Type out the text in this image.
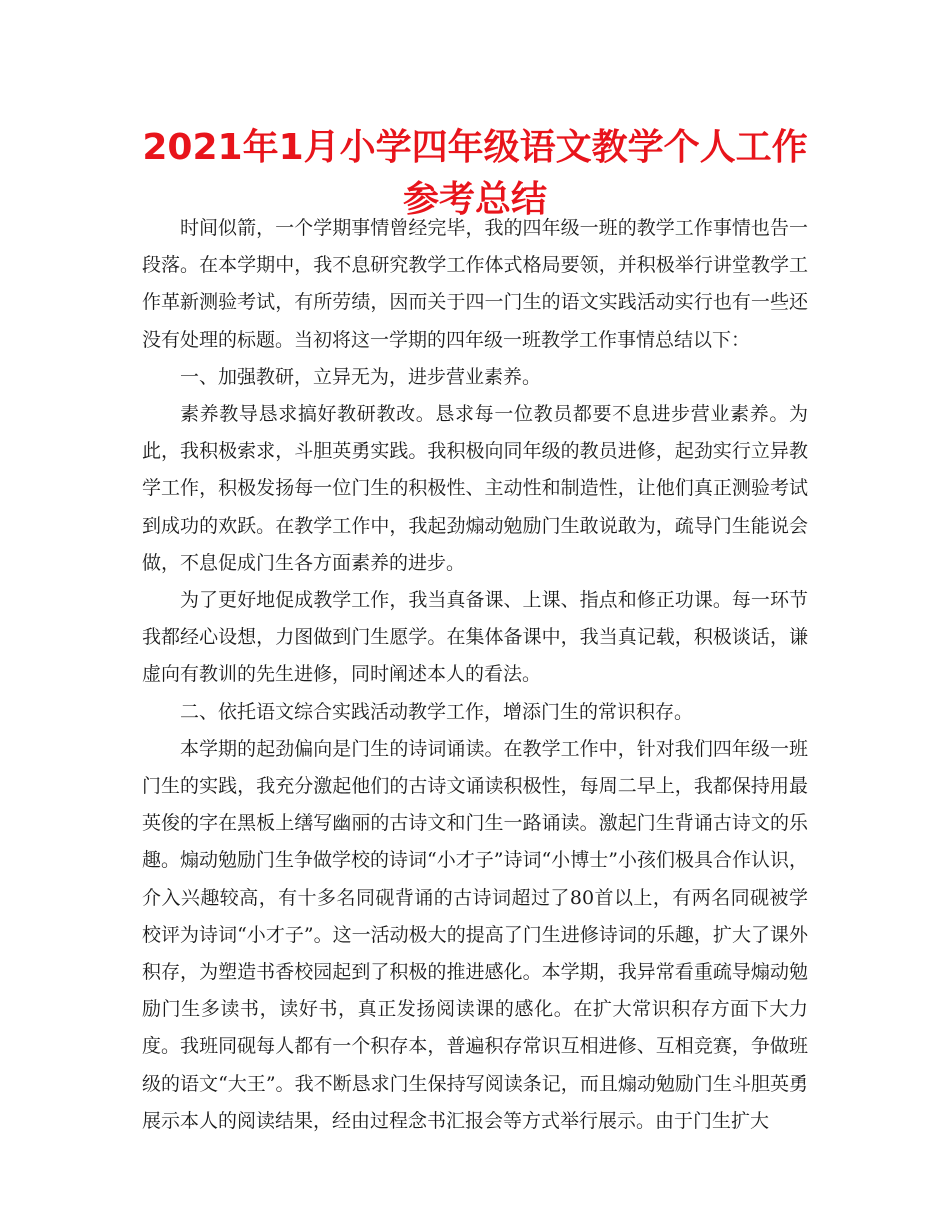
2021年1月小学四年级语文教学个人工作参考总结

时间似箭，一个学期事情曾经完毕，我的四年级一班的教学工作事情也告一段落。在本学期中，我不息研究教学工作体式格局要领，并积极举行讲堂教学工作革新测验考试，有所劳绩，因而关于四一门生的语文实践活动实行也有一些还没有处理的标题。当初将这一学期的四年级一班教学工作事情总结以下：

一、加强教研，立异无为，进步营业素养。

素养教导恳求搞好教研教改。恳求每一位教员都要不息进步营业素养。为此，我积极索求，斗胆英勇实践。我积极向同年级的教员进修，起劲实行立异教学工作，积极发扬每一位门生的积极性、主动性和制造性，让他们真正测验考试到成功的欢跃。在教学工作中，我起劲煽动勉励门生敢说敢为，疏导门生能说会做，不息促成门生各方面素养的进步。

为了更好地促成教学工作，我当真备课、上课、指点和修正功课。每一环节我都经心设想，力图做到门生愿学。在集体备课中，我当真记载，积极谈话，谦虚向有教训的先生进修，同时阐述本人的看法。

二、依托语文综合实践活动教学工作，增添门生的常识积存。

本学期的起劲偏向是门生的诗词诵读。在教学工作中，针对我们四年级一班门生的实践，我充分激起他们的古诗文诵读积极性，每周二早上，我都保持用最英俊的字在黑板上缮写幽丽的古诗文和门生一路诵读。激起门生背诵古诗文的乐趣。煽动勉励门生争做学校的诗词“小才子”诗词“小博士”小孩们极具合作认识，介入兴趣较高，有十多名同砚背诵的古诗词超过了80首以上，有两名同砚被学校评为诗词“小才子”。这一活动极大的提高了门生进修诗词的乐趣，扩大了课外积存，为塑造书香校园起到了积极的推进感化。本学期，我异常看重疏导煽动勉励门生多读书，读好书，真正发扬阅读课的感化。在扩大常识积存方面下大力度。我班同砚每人都有一个积存本，普遍积存常识互相进修、互相竞赛，争做班级的语文“大王”。我不断恳求门生保持写阅读条记，而且煽动勉励门生斗胆英勇展示本人的阅读结果，经由过程念书汇报会等方式举行展示。由于门生扩大
